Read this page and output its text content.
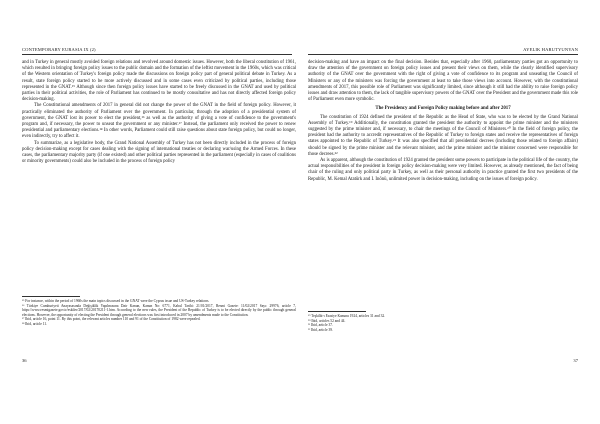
CONTEMPORARY EURASIA IX (2)

and in Turkey in general mostly avoided foreign relations and revolved around domestic issues. However, both the liberal constitution of 1961, which resulted in bringing foreign policy issues to the public domain and the formation of the leftist movement in the 1960s, which was critical of the Western orientation of Turkey's foreign policy made the discussions on foreign policy part of general political debate in Turkey. As a result, state foreign policy started to be more actively discussed and in some cases even criticized by political parties, including those represented in the GNAT.¹⁵ Although since then foreign policy issues have started to be freely discussed in the GNAT and used by political parties in their political activities, the role of Parliament has continued to be mostly consultative and has not directly affected foreign policy decision-making.

The Constitutional amendments of 2017 in general did not change the power of the GNAT in the field of foreign policy. However, it practically eliminated the authority of Parliament over the government. In particular, through the adoption of a presidential system of government, the GNAT lost its power to elect the president,¹⁶ as well as the authority of giving a vote of confidence to the government's program and, if necessary, the power to unseat the government or any minister.¹⁷ Instead, the parliament only received the power to renew presidential and parliamentary elections.¹⁸ In other words, Parliament could still raise questions about state foreign policy, but could no longer, even indirectly, try to affect it.

To summarize, as a legislative body, the Grand National Assembly of Turkey has not been directly included in the process of foreign policy decision-making except for cases dealing with the signing of international treaties or declaring war/using the Armed Forces. In these cases, the parliamentary majority party (if one existed) and other political parties represented in the parliament (especially in cases of coalitions or minority governments) could also be included in the process of foreign policy

¹⁵ For instance, within the period of 1960s the main topics discussed in the GNAT were the Cyprus issue and US-Turkey relations.
¹⁶ Türkiye Cumhuriyeti Anayasasında Değişiklik Yapılmasına Dair Kanun, Kanun No: 6771, Kabul Tarihi: 21/01/2017, Resmi Gazete: 11/02/2017 Sayı: 29976, article 7, https://www.resmigazete.gov.tr/eskiler/2017/02/20170211-1.htm. According to the new rules, the President of the Republic of Turkey is to be elected directly by the public through general elections. However, the opportunity of electing the President through general elections was first introduced in 2007 by amendments made to the Constitution.
¹⁷ Ibid, article 16, point 11. By this point, the relevant articles number 110 and 91 of the Constitution of 1982 were repealed.
¹⁸ Ibid, article 11.
36
AYELIK HARUTYUNYAN

decision-making and have an impact on the final decision. Besides that, especially after 1960, parliamentary parties got an opportunity to draw the attention of the government on foreign policy issues and present their views on them, while the clearly identified supervisory authority of the GNAT over the government with the right of giving a vote of confidence to its program and unseating the Council of Ministers or any of the ministers was forcing the government at least to take those views into account. However, with the constitutional amendments of 2017, this possible role of Parliament was significantly limited, since although it still had the ability to raise foreign policy issues and draw attention to them, the lack of tangible supervisory powers of the GNAT over the President and the government made this role of Parliament even more symbolic.

The Presidency and Foreign Policy making before and after 2017

The constitution of 1924 defined the president of the Republic as the Head of State, who was to be elected by the Grand National Assembly of Turkey.¹⁹ Additionally, the constitution granted the president the authority to appoint the prime minister and the ministers suggested by the prime minister and, if necessary, to chair the meetings of the Council of Ministers.²⁰ In the field of foreign policy, the president had the authority to accredit representatives of the Republic of Turkey to foreign states and receive the representatives of foreign states appointed to the Republic of Turkey.²¹ It was also specified that all presidential decrees (including those related to foreign affairs) should be signed by the prime minister and the relevant minister, and the prime minister and the minister concerned were responsible for those decrees.²²

As is apparent, although the constitution of 1924 granted the president some powers to participate in the political life of the country, the actual responsibilities of the president in foreign policy decision-making were very limited. However, as already mentioned, the fact of being chair of the ruling and only political party in Turkey, as well as their personal authority in practice granted the first two presidents of the Republic, M. Kemal Atatürk and I. Inönü, unlimited power in decision-making, including on the issues of foreign policy.

¹⁹ Teşkilât-ı Esasiye Kanunu 1924, articles 31 and 32.
²⁰ Ibid, articles 52 and 44.
²¹ Ibid, article 37.
²² Ibid, article 39.
37
